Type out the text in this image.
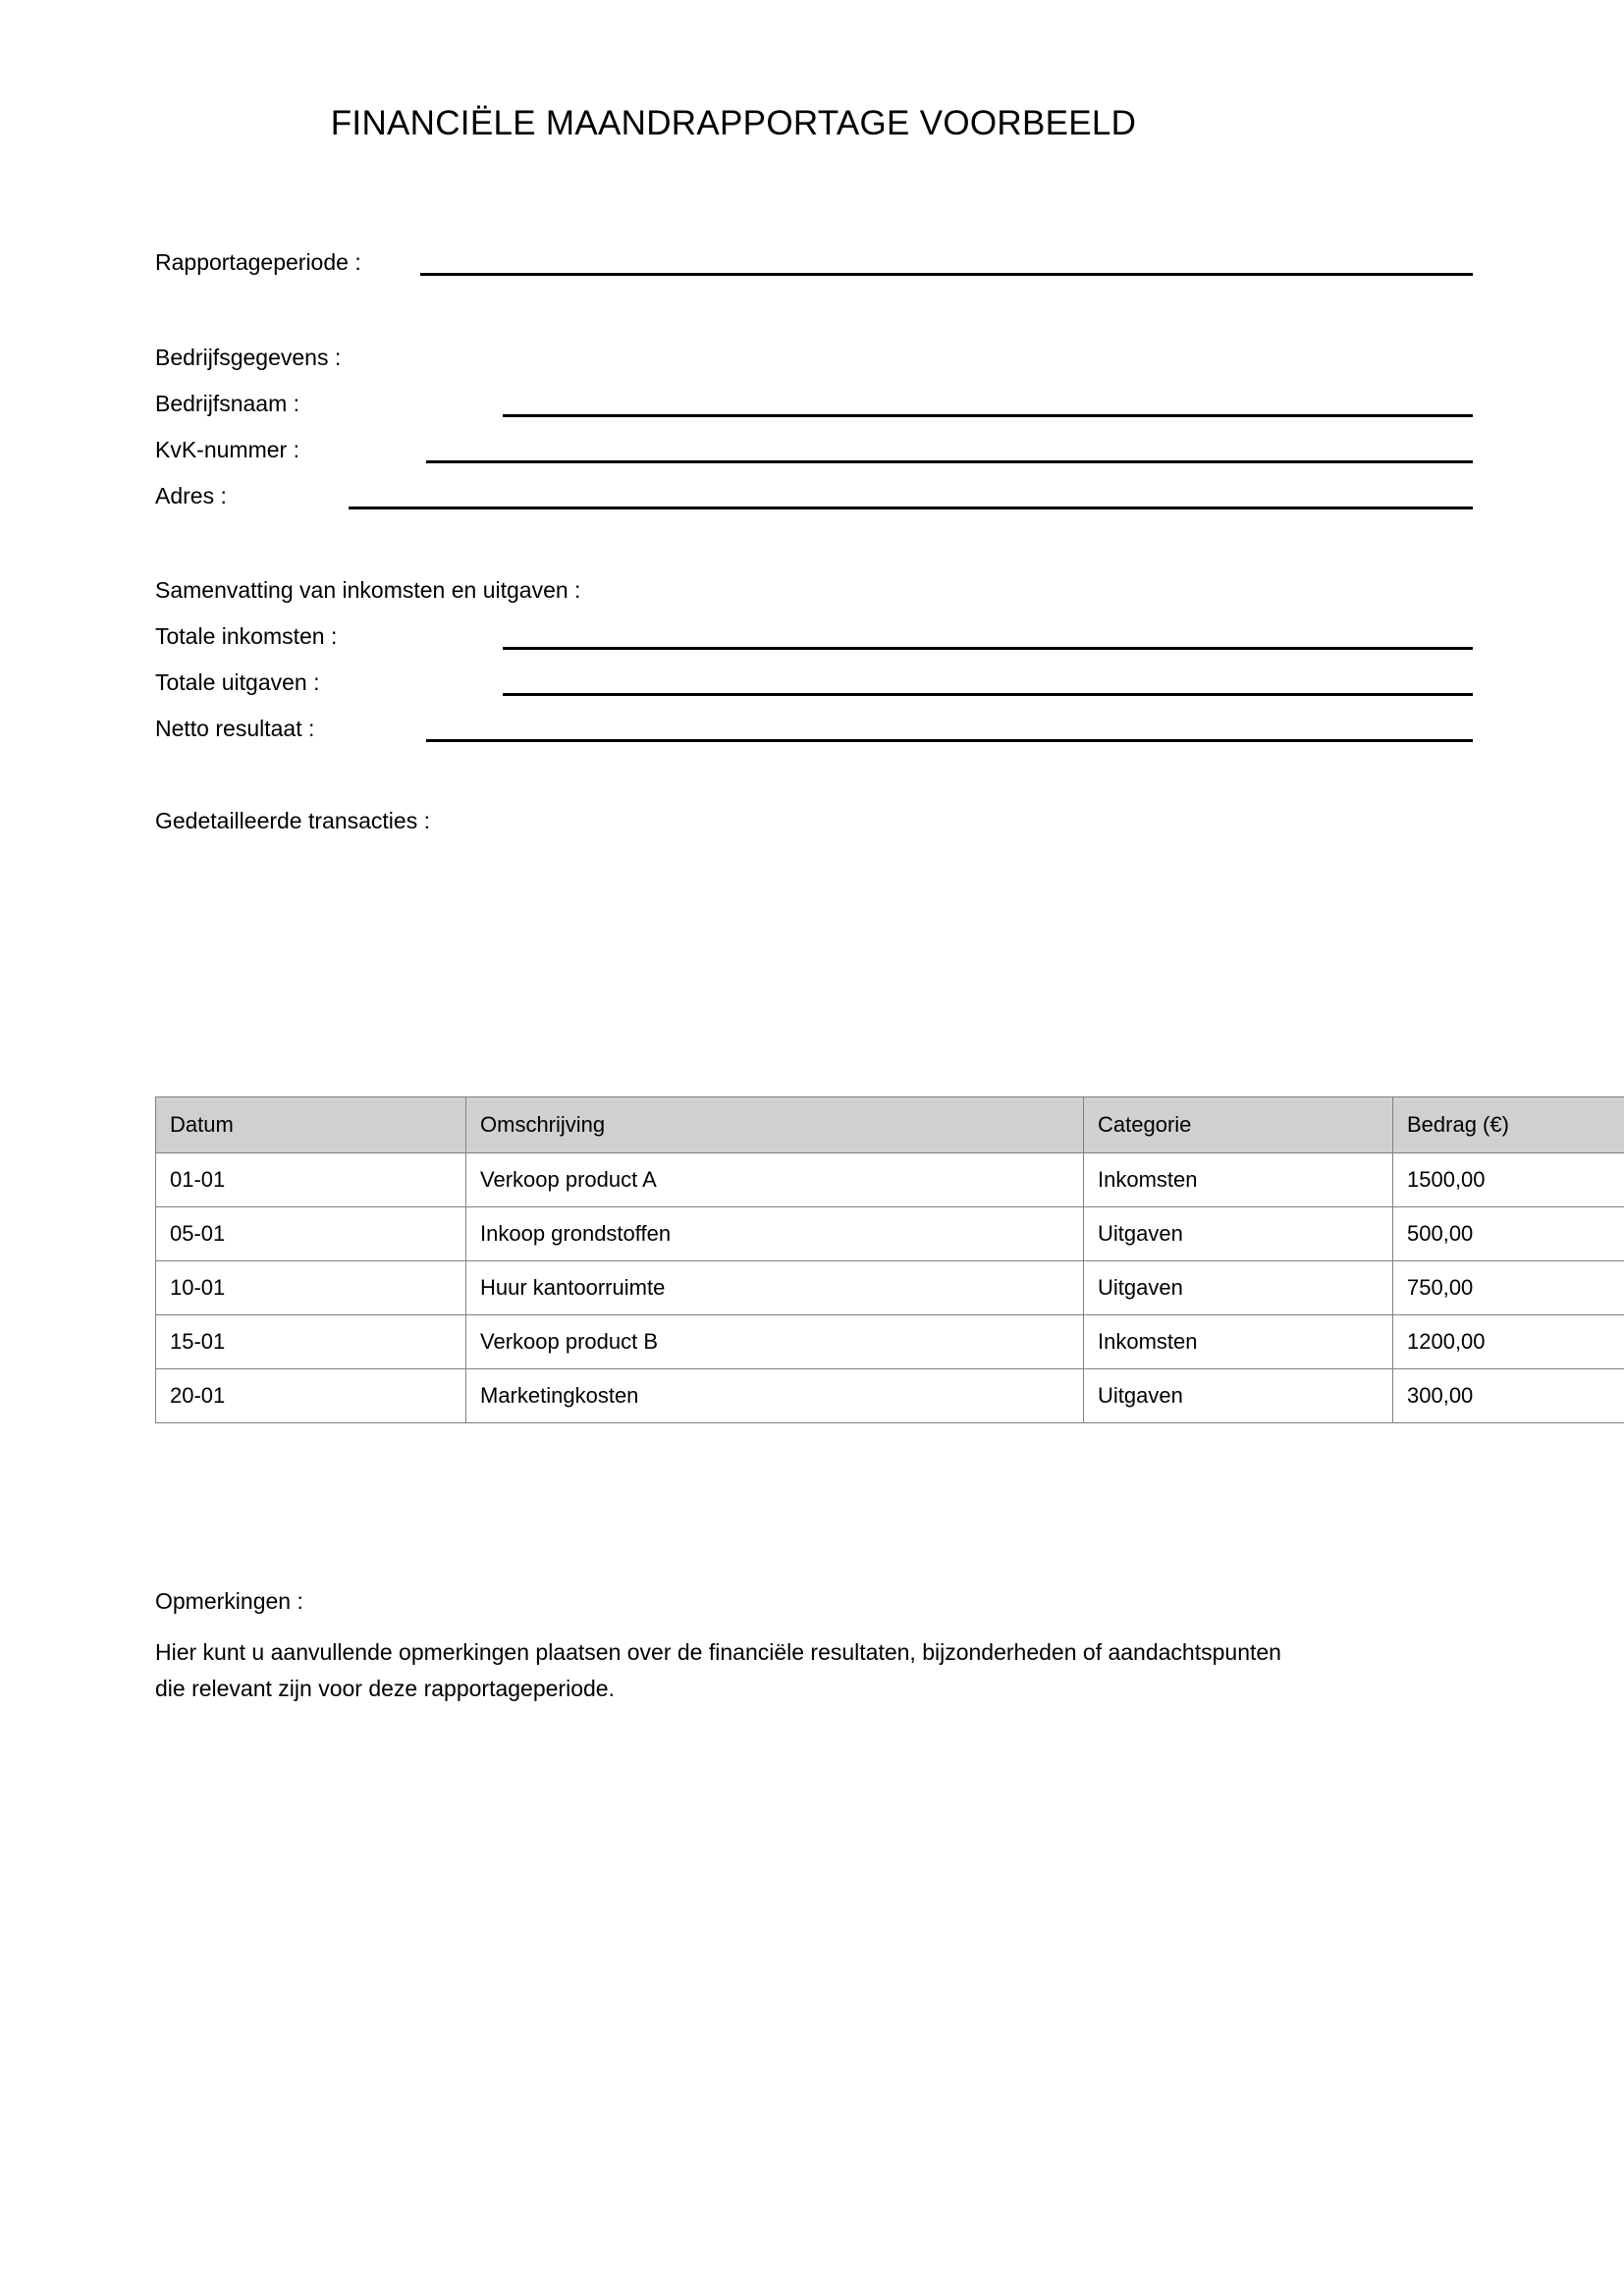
FINANCIËLE MAANDRAPPORTAGE VOORBEELD
Rapportageperiode :
Bedrijfsgegevens :
Bedrijfsnaam :
KvK-nummer :
Adres :
Samenvatting van inkomsten en uitgaven :
Totale inkomsten :
Totale uitgaven :
Netto resultaat :
Gedetailleerde transacties :
Datum	Omschrijving	Categorie	Bedrag (€)
01-01	Verkoop product A	Inkomsten	1500,00
05-01	Inkoop grondstoffen	Uitgaven	500,00
10-01	Huur kantoorruimte	Uitgaven	750,00
15-01	Verkoop product B	Inkomsten	1200,00
20-01	Marketingkosten	Uitgaven	300,00
Opmerkingen :
Hier kunt u aanvullende opmerkingen plaatsen over de financiële resultaten, bijzonderheden of aandachtspunten die relevant zijn voor deze rapportageperiode.
